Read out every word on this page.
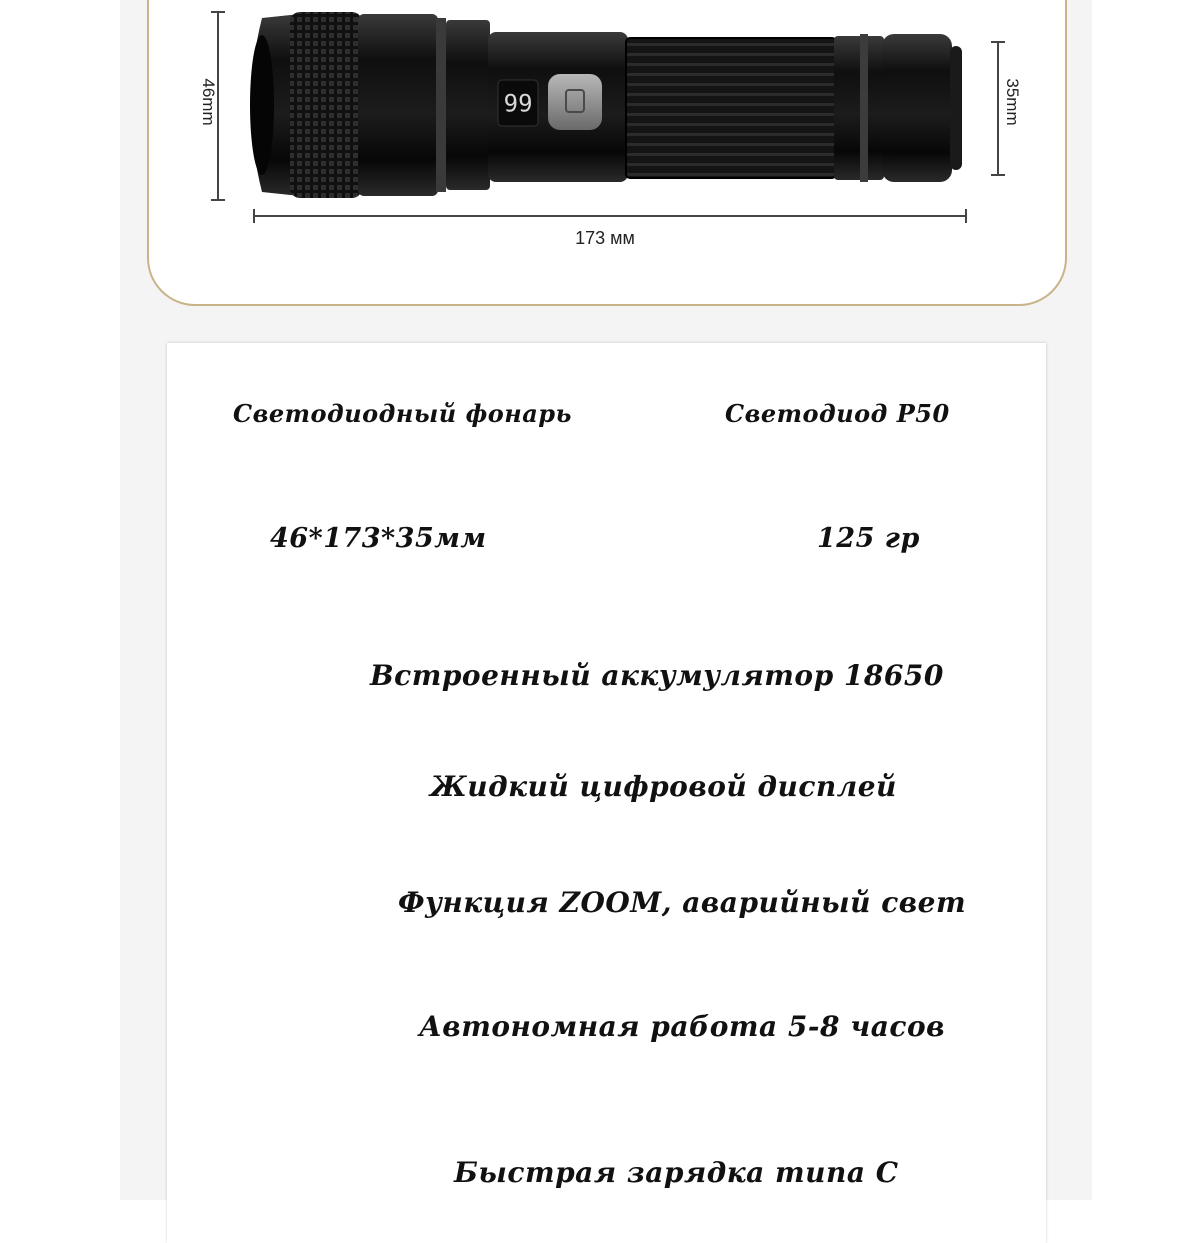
66
46mm	35mm
173 мм
Светодиодный фонарь	Светодиод P50
46*173*35мм	125 гр
Встроенный аккумулятор 18650
Жидкий цифровой дисплей
Функция ZOOM, аварийный свет
Автономная работа 5-8 часов
Быстрая зарядка типа С
